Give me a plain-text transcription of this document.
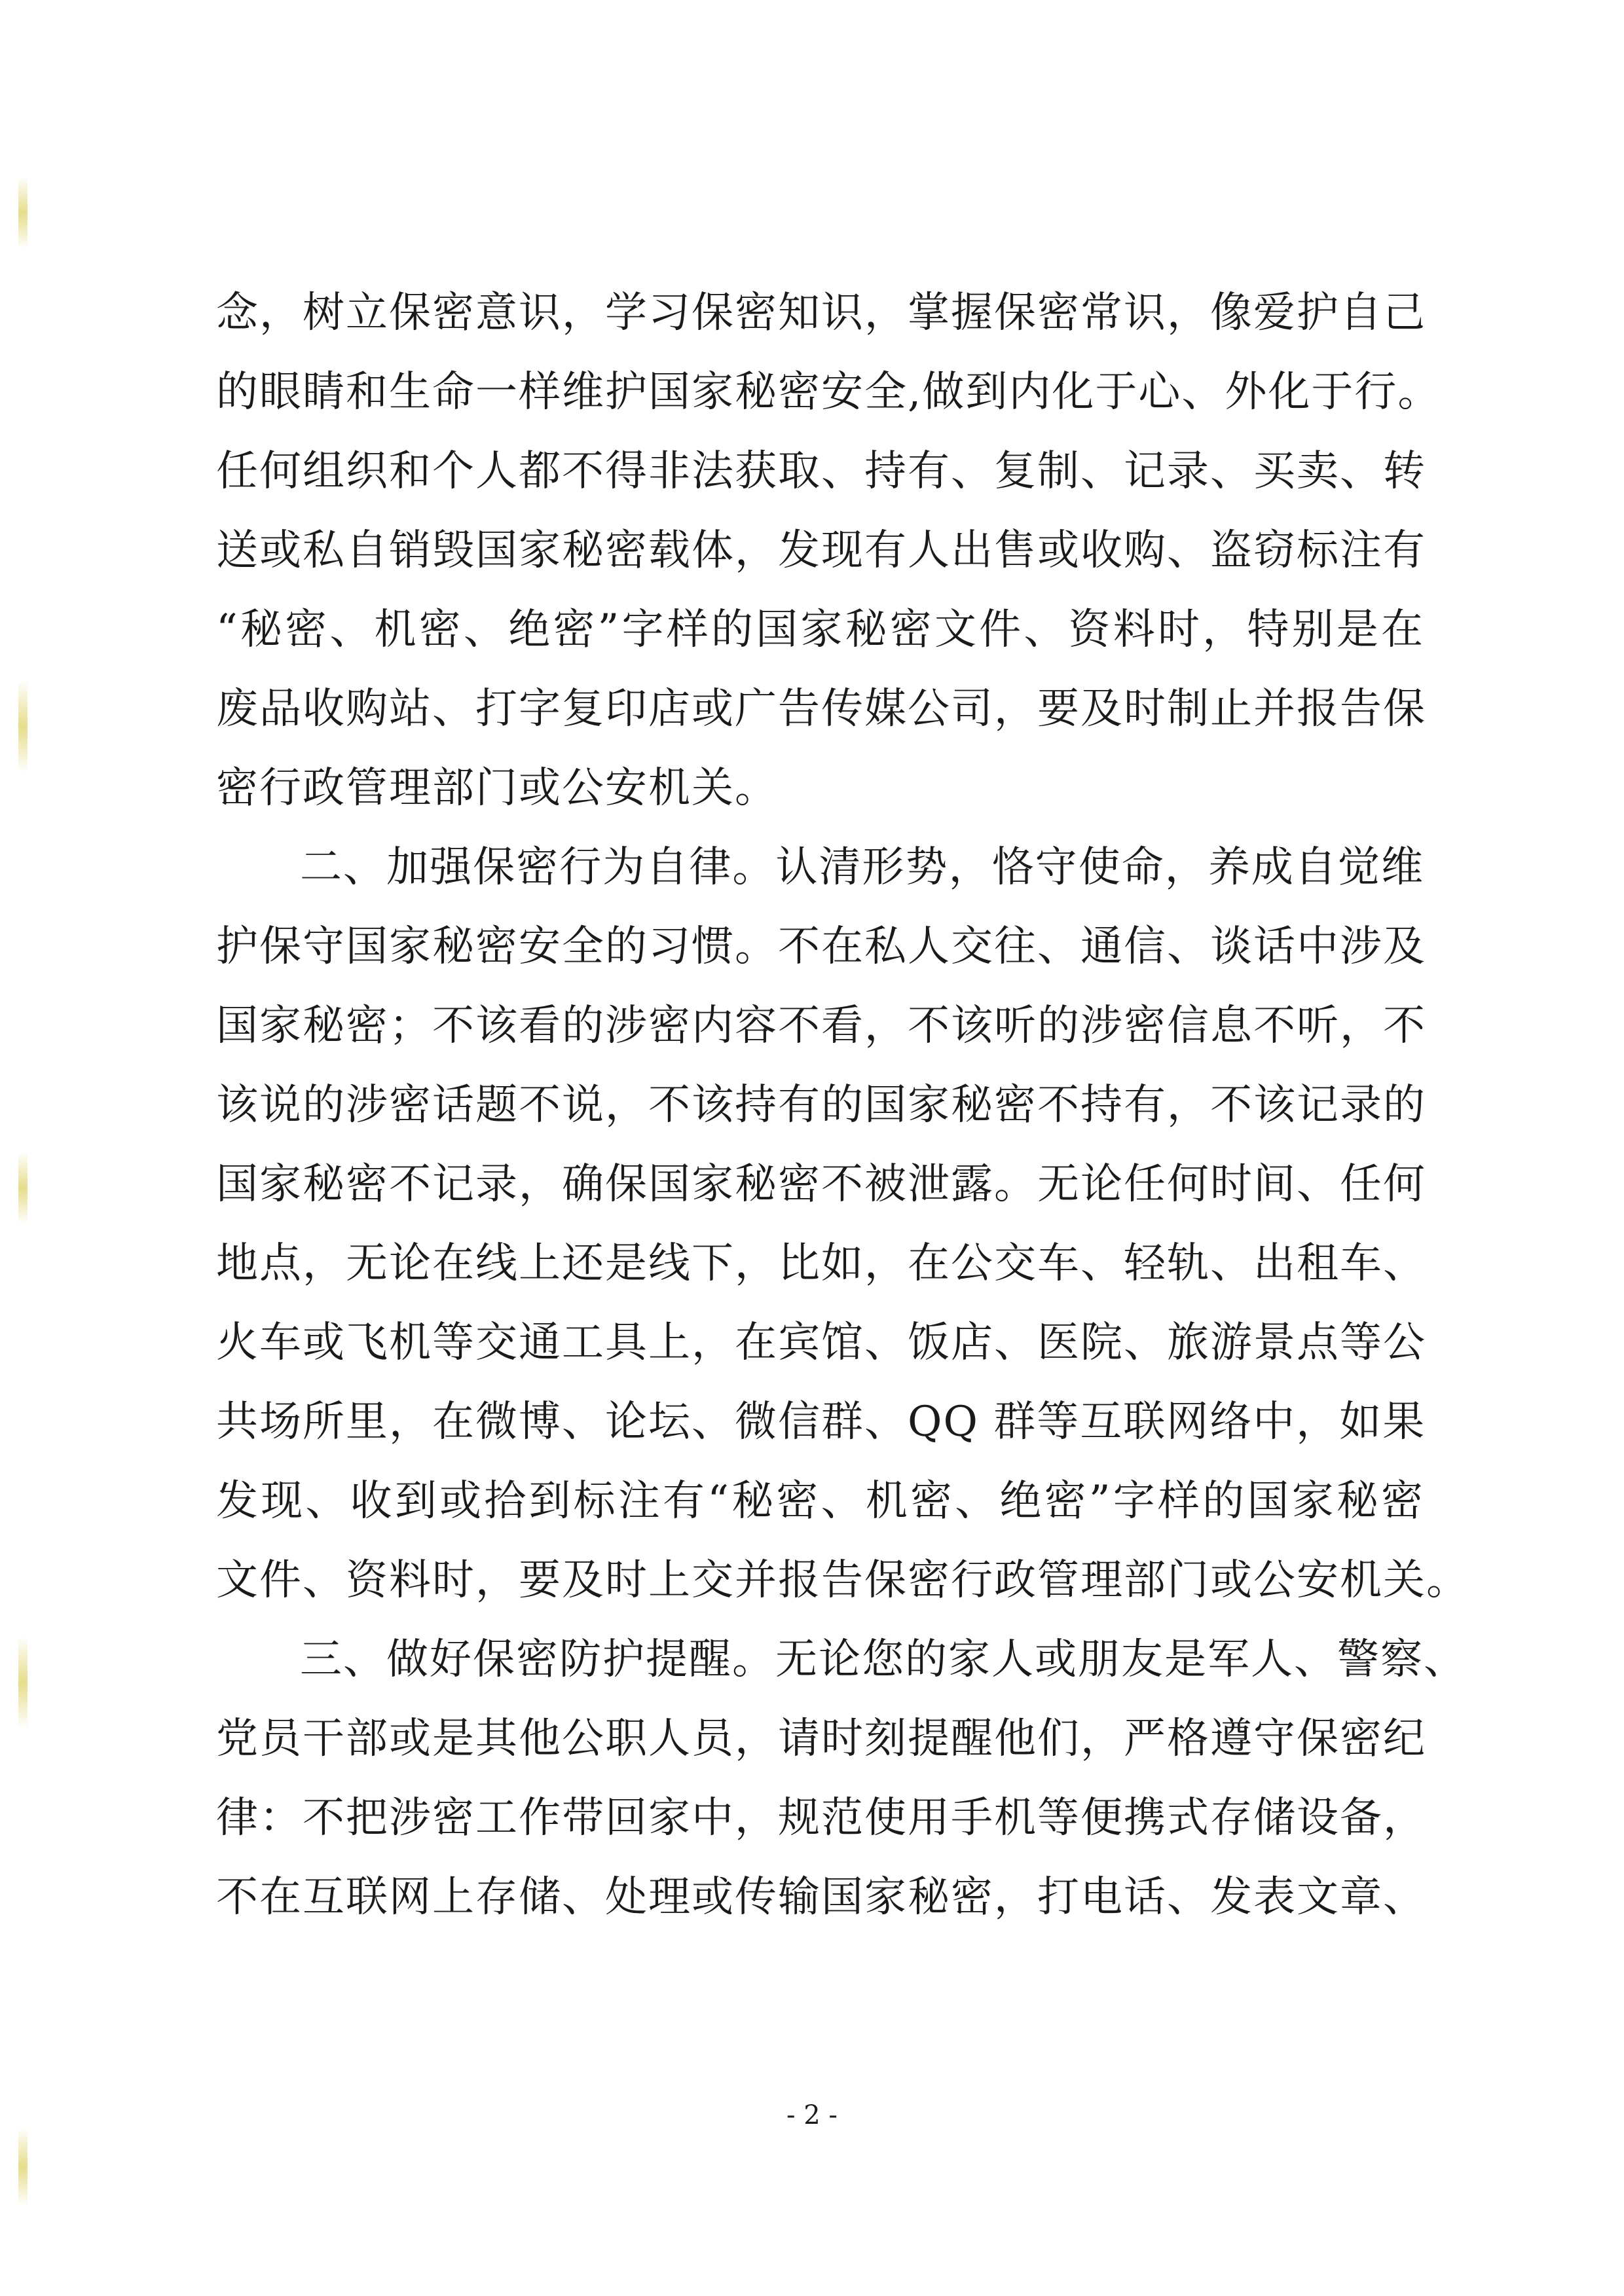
念，树立保密意识，学习保密知识，掌握保密常识，像爱护自己
的眼睛和生命一样维护国家秘密安全,做到内化于心、外化于行。
任何组织和个人都不得非法获取、持有、复制、记录、买卖、转
送或私自销毁国家秘密载体，发现有人出售或收购、盗窃标注有
“秘密、机密、绝密”字样的国家秘密文件、资料时，特别是在
废品收购站、打字复印店或广告传媒公司，要及时制止并报告保
密行政管理部门或公安机关。
二、加强保密行为自律。认清形势，恪守使命，养成自觉维
护保守国家秘密安全的习惯。不在私人交往、通信、谈话中涉及
国家秘密；不该看的涉密内容不看，不该听的涉密信息不听，不
该说的涉密话题不说，不该持有的国家秘密不持有，不该记录的
国家秘密不记录，确保国家秘密不被泄露。无论任何时间、任何
地点，无论在线上还是线下，比如，在公交车、轻轨、出租车、
火车或飞机等交通工具上，在宾馆、饭店、医院、旅游景点等公
共场所里，在微博、论坛、微信群、QQ 群等互联网络中，如果
发现、收到或拾到标注有“秘密、机密、绝密”字样的国家秘密
文件、资料时，要及时上交并报告保密行政管理部门或公安机关。
三、做好保密防护提醒。无论您的家人或朋友是军人、警察、
党员干部或是其他公职人员，请时刻提醒他们，严格遵守保密纪
律：不把涉密工作带回家中，规范使用手机等便携式存储设备，
不在互联网上存储、处理或传输国家秘密，打电话、发表文章、
- 2 -
